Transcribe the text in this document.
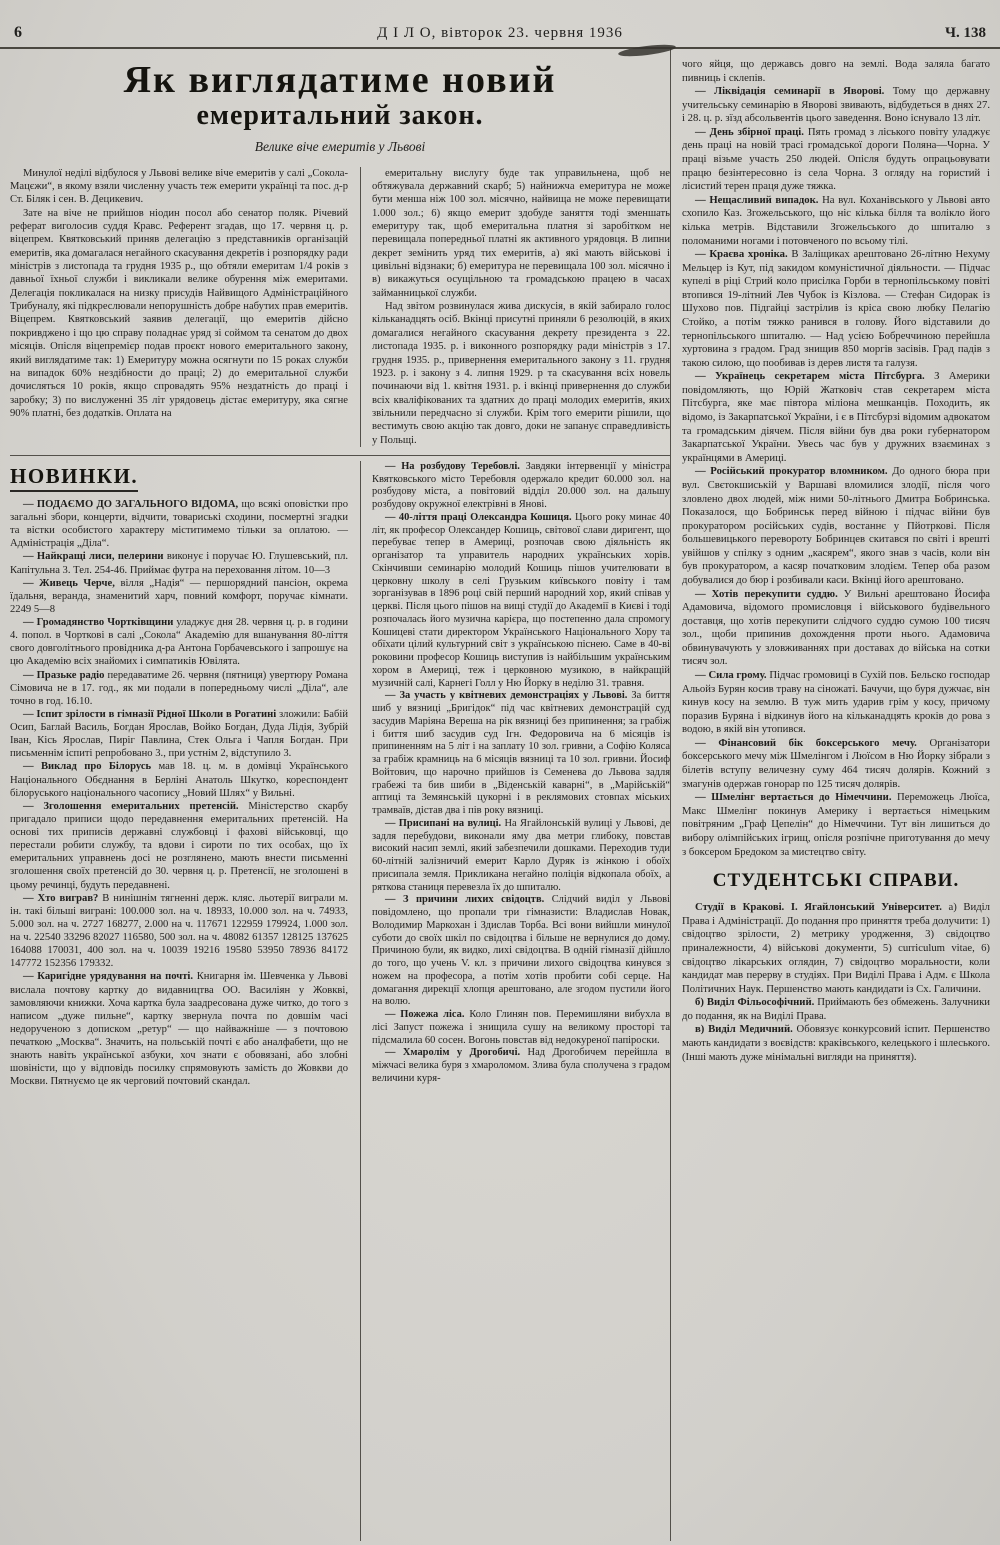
6	Д І Л О, вівторок 23. червня 1936	Ч. 138
Як виглядатиме новий
емеритальний закон.
Велике віче емеритів у Львові

Минулої неділі відбулося у Львові велике віче емеритів у салі „Сокола-Мацєжи“, в якому взяли численну участь теж емерити українці та пос. д-р Ст. Біляк і сен. В. Децикевич.

Зате на віче не прийшов ніодин посол або сенатор поляк. Річевий реферат виголосив суддя Кравс. Референт згадав, що 17. червня ц. р. віцепрем. Квятковський приняв делегацію з представників організацій емеритів, яка домагалася негайного скасування декретів і розпорядку ради міністрів з листопада та грудня 1935 р., що обтяли емеритам 1/4 років з давньої їхньої служби і викликали велике обурення між емеритами. Делегація покликалася на низку присудів Найвищого Адміністраційного Трибуналу, які підкреслювали непорушність добре набутих прав емеритів. Віцепрем. Квятковський заявив делегації, що емеритів дійсно покривджено і що цю справу поладнає уряд зі соймом та сенатом до двох місяців. Опісля віцепремієр подав проєкт нового емеритального закону, який виглядатиме так: 1) Емеритуру можна осягнути по 15 роках служби на випадок 60% нездібности до праці; 2) до емеритальної служби дочисляться 10 років, якщо спровадять 95% нездатність до праці і заробку; 3) по вислуженні 35 літ урядовець дістає емеритуру, яка сягне 90% платні, без додатків. Оплата на

емеритальну вислугу буде так управильнена, щоб не обтяжувала державний скарб; 5) найнижча емеритура не може бути менша ніж 100 зол. місячно, найвища не може перевищати 1.000 зол.; 6) якщо емерит здобуде заняття тоді зменшать емеритуру так, щоб емеритальна платня зі заробітком не перевищала попередньої платні як активного урядовця. В липни декрет земінить уряд тих емеритів, а) які мають військові і цивільні відзнаки; б) емеритура не перевищала 100 зол. місячно і в) викажуться осущільною та громадською працею в часах займанницької служби.

Над звітом розвинулася жива дискусія, в якій забирало голос кільканадцять осіб. Вкінці присутні приняли 6 резолюцій, в яких домагалися негайного скасування декрету президента з 22. листопада 1935. р. і виконного розпорядку ради міністрів з 17. грудня 1935. р., привернення емеритального закону з 11. грудня 1923. р. і закону з 4. липня 1929. р та скасування всіх новель починаючи від 1. квітня 1931. р. і вкінці привернення до служби всіх кваліфікованих та здатних до праці молодих емеритів, яких звільнили передчасно зі служби. Крім того емерити рішили, що вестимуть свою акцію так довго, доки не запанує справедливість у Польщі.

НОВИНКИ.

— ПОДАЄМО ДО ЗАГАЛЬНОГО ВІДОМА, що всякі оповістки про загальні збори, концерти, відчити, товариські сходини, посмертні згадки та вістки особистого характеру міститимемо тільки за оплатою. — Адміністрація „Діла“.

— Найкращі лиси, пелерини виконує і поручає Ю. Глушевський, пл. Капітульна 3. Тел. 254-46. Приймає футра на переховання літом. 10—3

— Живець Черче, вілля „Надія“ — першорядний пансіон, окрема їдальня, веранда, знаменитий харч, повний комфорт, поручає кімнати. 2249 5—8

— Громадянство Чортківщини уладжує дня 28. червня ц. р. в години 4. попол. в Чорткові в салі „Сокола“ Академію для вшанування 80-ліття свого довголітнього провідника д-ра Антона Горбачевського і запрошує на цю Академію всіх знайомих і симпатиків Ювілята.

— Празьке радіо передаватиме 26. червня (пятниця) увертюру Романа Сімовича не в 17. год., як ми подали в попередньому числі „Діла“, але точно в год. 16.10.

— Іспит зрілости в гімназії Рідної Школи в Рогатині зложили: Бабій Осип, Баглай Василь, Богдан Ярослав, Войко Богдан, Дуда Лідія, Зубрій Іван, Кісь Ярослав, Пиріг Павлина, Стек Ольга і Чапля Богдан. При письменнім іспиті репробовано 3., при устнім 2, відступило 3.

— Виклад про Білорусь мав 18. ц. м. в домівці Українського Національного Обєднання в Берліні Анатоль Шкутко, кореспондент білоруського національного часопису „Новий Шлях“ у Вильні.

— Зголошення емеритальних претенсій. Міністерство скарбу пригадало приписи щодо передавнення емеритальних претенсій. На основі тих приписів державні службовці і фахові військовці, що перестали робити службу, та вдови і сироти по тих особах, що їх емеритальних управнень досі не розглянено, мають внести письменні зголошення своїх претенсій до 30. червня ц. р. Претенсії, не зголошені в цьому речинці, будуть передавнені.

— Хто виграв? В нинішнім тягненні держ. кляс. льотерії виграли м. ін. такі більші виграні: 100.000 зол. на ч. 18933, 10.000 зол. на ч. 74933, 5.000 зол. на ч. 2727 168277, 2.000 на ч. 117671 122959 179924, 1.000 зол. на ч. 22540 33296 82027 116580, 500 зол. на ч. 48082 61357 128125 137625 164088 170031, 400 зол. на ч. 10039 19216 19580 53950 78936 84172 147772 152356 179332.

— Каригідне урядування на почті. Книгарня ім. Шевченка у Львові вислала почтову картку до видавництва ОО. Василіян у Жовкві, замовляючи книжки. Хоча картка була заадресована дуже читко, до того з написом „дуже пильне“, картку звернула почта по довшім часі недорученою з дописком „ретур“ — що найважніше — з почтовою печаткою „Москва“. Значить, на польській почті є або аналфабети, що не знають навіть української азбуки, хоч знати є обовязані, або злобні шовіністи, що у відповідь посилку спрямовують замість до Жовкви до Москви. Пятнуємо це як черговий почтовий скандал.

— На розбудову Теребовлі. Завдяки інтервенції у міністра Квятковського місто Теребовля одержало кредит 60.000 зол. на розбудову міста, а повітовий відділ 20.000 зол. на дальшу розбудову окружної електрівні в Янові.

— 40-ліття праці Олександра Кошиця. Цього року минає 40 літ, як професор Олександер Кошиць, світової слави диригент, що перебуває тепер в Америці, розпочав свою діяльність як організатор та управитель народних українських хорів. Скінчивши семинарію молодий Кошиць пішов учителювати в церковну школу в селі Грузьким київського повіту і там зорганізував в 1896 році свій перший народний хор, який співав у церкві. Після цього пішов на вищі студії до Академії в Києві і тоді розпочалась його музична карієра, що постепенно дала спромогу Кошицеві стати директором Українського Національного Хору та обїхати цілий культурний світ з українською піснею. Саме в 40-ві роковини професор Кошиць виступив із найбільшим українським хором в Америці, теж і церковною музикою, в найкращій музичній салі, Карнегі Голл у Ню Йорку в неділю 31. травня.

— За участь у квітневих демонстраціях у Львові. За биття шиб у вязниці „Бригідок“ під час квітневих демонстрацій суд засудив Маріяна Вереша на рік вязниці без припинення; за грабіж і биття шиб засудив суд Ігн. Федоровича на 6 місяців із припиненням на 5 літ і на заплату 10 зол. гривни, а Софію Коляса за грабіж крамниць на 6 місяців вязниці та 10 зол. гривни. Йосиф Войтович, що нарочно прийшов із Семенева до Львова задля грабежі та бив шиби в „Віденській каварні“, в „Марійській“ аптиці та Земянській цукорні і в реклямових стовпах міських трамваїв, дістав два і пів року вязниці.

— Присипані на вулиці. На Ягайлонській вулиці у Львові, де задля перебудови, виконали яму два метри глибоку, повстав високий насип землі, який забезпечили дошками. Переходив туди 60-літній залізничий емерит Карло Дуряк із жінкою і обоїх присипала земля. Прикликана негайно поліція відкопала обоїх, а ряткова станиця перевезла їх до шпиталю.

— З причини лихих свідоцтв. Слідчий виділ у Львові повідомлено, що пропали три гімназисти: Владислав Новак, Володимир Маркохан і Здислав Торба. Всі вони вийшли минулої суботи до своїх шкіл по свідоцтва і більше не вернулися до дому. Причиною були, як видко, лихі свідоцтва. В одній гімназії дійшло до того, що учень V. кл. з причини лихого свідоцтва кинувся з ножем на професора, а потім хотів пробити собі серце. На домагання дирекції хлопця арештовано, але згодом пустили його на волю.

— Пожежа ліса. Коло Глинян пов. Перемишляни вибухла в лісі Запуст пожежа і знищила сушу на великому просторі та підсмалила 60 сосен. Вогонь повстав від недокуреної папіроски.

— Хмаролім у Дрогобичі. Над Дрогобичем перейшла в міжчасі велика буря з хмароломом. Злива була сполучена з градом величини куря-

чого яйця, що державсь довго на землі. Вода заляла багато пивниць і склепів.

— Ліквідація семинарії в Яворові. Тому що державну учительську семинарію в Яворові звивають, відбудеться в днях 27. і 28. ц. р. зїзд абсольвентів цього заведення. Воно існувало 13 літ.

— День збірної праці. Пять громад з ліського повіту уладжує день праці на новій трасі громадської дороги Поляна—Чорна. У праці візьме участь 250 людей. Опісля будуть опрацьовувати працю безінтересовно із села Чорна. З огляду на гористий і лісистий терен праця дуже тяжка.

— Нещасливий випадок. На вул. Коханівського у Львові авто схопило Каз. Згожельського, що ніс кілька білля та волікло його кілька метрів. Відставили Згожельського до шпиталю з поломаними ногами і потовченого по всьому тілі.

— Краєва хроніка. В Заліщиках арештовано 26-літню Нехуму Мельцер із Кут, під закидом комуністичної діяльности. — Підчас купелі в ріці Стрий коло присілка Горби в тернопільському повіті втопився 19-літний Лев Чубок із Кізлова. — Стефан Сидорак із Шухово пов. Підгайці застрілив із кріса свою любку Пелагію Стойко, а потім тяжко ранився в голову. Його відставили до тернопільського шпиталю. — Над усією Бобреччиною перейшла хуртовина з градом. Град знищив 850 моргів засівів. Град падів з такою силою, що пообивав із дерев листя та галузя.

— Українець секретарем міста Пітсбурга. З Америки повідомляють, що Юрій Жатковіч став секретарем міста Пітсбурга, яке має півтора міліона мешканців. Походить, як відомо, із Закарпатської України, і є в Пітсбурзі відомим адвокатом та громадським діячем. Після війни був два роки губернатором Закарпатської України. Увесь час був у дружних взаєминах з українцями в Америці.

— Російський прокуратор вломником. До одного бюра при вул. Свєтокшиській у Варшаві вломилися злодії, після чого зловлено двох людей, між ними 50-літнього Дмитра Бобринська. Показалося, що Бобринськ перед війною і підчас війни був прокуратором російських судів, востаннє у Пйотркові. Після большевицького перевороту Бобринцев скитався по світі і врешті увійшов у спілку з одним „касярем“, якого знав з часів, коли він був прокуратором, а касяр початковим злодієм. Тепер оба разом добувалися до бюр і розбивали каси. Вкінці його арештовано.

— Хотів перекупити суддю. У Вильні арештовано Йосифа Адамовича, відомого промисловця і військового будівельного доставця, що хотів перекупити слідчого суддю сумою 100 тисяч зол., щоби припинив дохождення проти нього. Адамовича обвинувачують у зловживаннях при доставах до війська на сотки тисяч зол.

— Сила грому. Підчас громовиці в Сухій пов. Бельско господар Альойз Бурян косив траву на сіножаті. Бачучи, що буря дужчає, він кинув косу на землю. В туж мить ударив грім у косу, причому поразив Буряна і відкинув його на кільканадцять кроків до рова з водою, в якій він утопився.

— Фінансовий бік боксерського мечу. Організатори боксерського мечу між Шмелінгом і Люїсом в Ню Йорку зібрали з білетів вступу величезну суму 464 тисяч долярів. Кожний з змагунів одержав гонорар по 125 тисяч долярів.

— Шмелінг вертається до Німеччини. Переможець Люїса, Макс Шмелінг покинув Америку і вертається німецьким повітряним „Граф Цепелін“ до Німеччини. Тут він лишиться до вибору олімпійських ігрищ, опісля розпічне приготування до мечу з боксером Бредоком за мистецтво світу.

СТУДЕНТСЬКІ СПРАВИ.

Студії в Кракові. І. Ягайлонський Університет. а) Виділ Права і Адміністрації. До подання про приняття треба долучити: 1) свідоцтво зрілости, 2) метрику уродження, 3) свідоцтво приналежности, 4) військові документи, 5) curriculum vitae, 6) свідоцтво лікарських оглядин, 7) свідоцтво моральности, коли кандидат мав перерву в студіях. При Виділі Права і Адм. є Школа Політичних Наук. Першенство мають кандидати із Сх. Галичини.

б) Виділ Фільософічний. Приймають без обмежень. Залучники до подання, як на Виділі Права.

в) Виділ Медичний. Обовязує конкурсовий іспит. Першенство мають кандидати з воєвідств: краківського, келецького і шлеського. (Інші мають дуже мінімальні вигляди на приняття).
